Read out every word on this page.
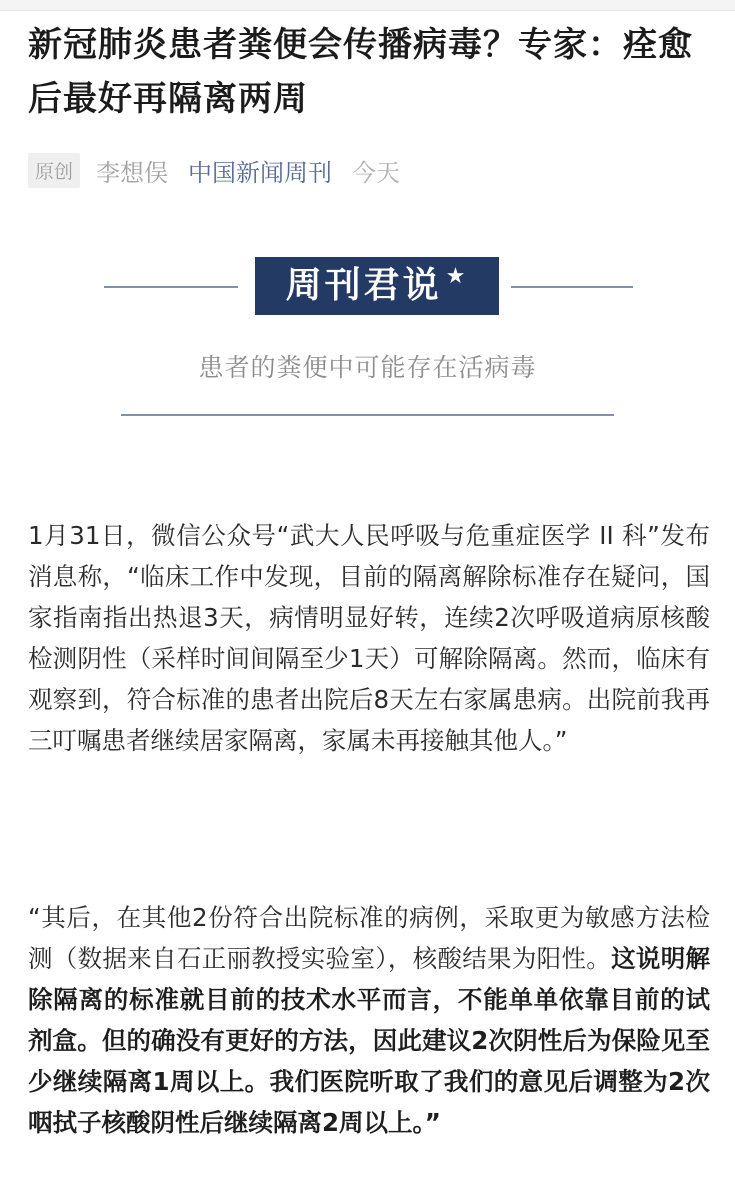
新冠肺炎患者粪便会传播病毒？专家：痊愈后最好再隔离两周
原创 李想俣 中国新闻周刊 今天
周刊君说 ★
患者的粪便中可能存在活病毒

1月31日，微信公众号“武大人民呼吸与危重症医学 II 科”发布消息称，“临床工作中发现，目前的隔离解除标准存在疑问，国家指南指出热退3天，病情明显好转，连续2次呼吸道病原核酸检测阴性（采样时间间隔至少1天）可解除隔离。然而，临床有观察到，符合标准的患者出院后8天左右家属患病。出院前我再三叮嘱患者继续居家隔离，家属未再接触其他人。”

“其后，在其他2份符合出院标准的病例，采取更为敏感方法检测（数据来自石正丽教授实验室），核酸结果为阳性。这说明解除隔离的标准就目前的技术水平而言，不能单单依靠目前的试剂盒。但的确没有更好的方法，因此建议2次阴性后为保险见至少继续隔离1周以上。我们医院听取了我们的意见后调整为2次咽拭子核酸阴性后继续隔离2周以上。”
